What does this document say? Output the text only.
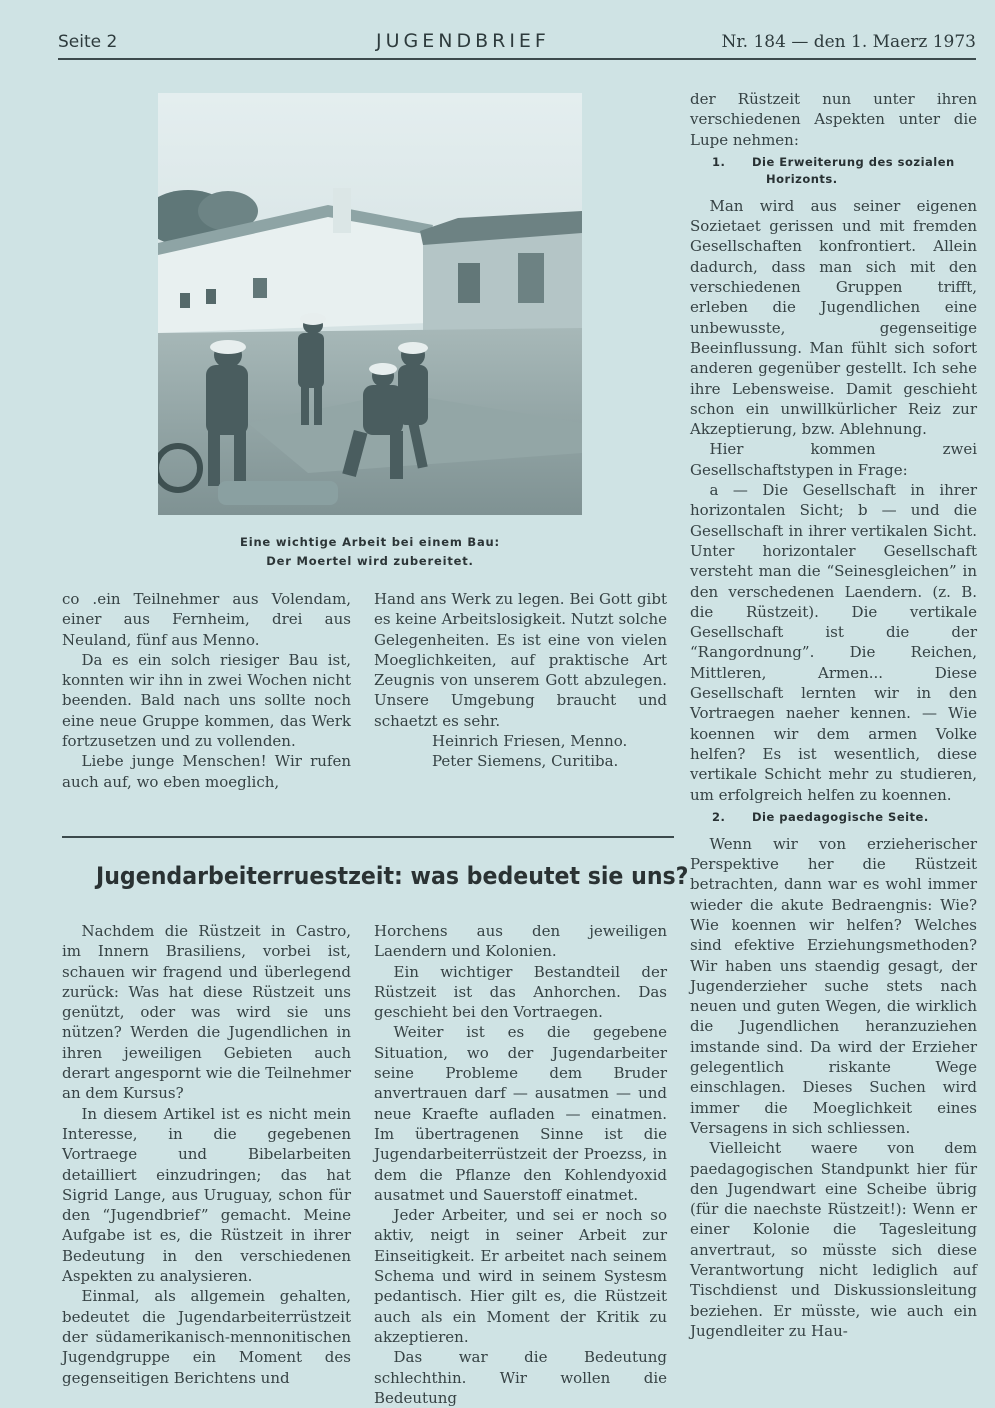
Seite 2	JUGENDBRIEF	Nr. 184 — den 1. Maerz 1973
Eine wichtige Arbeit bei einem Bau:
Der Moertel wird zubereitet.

co .ein Teilnehmer aus Volendam, einer aus Fernheim, drei aus Neuland, fünf aus Menno.

Da es ein solch riesiger Bau ist, konnten wir ihn in zwei Wochen nicht beenden. Bald nach uns sollte noch eine neue Gruppe kommen, das Werk fortzusetzen und zu vollenden.

Liebe junge Menschen! Wir rufen auch auf, wo eben moeglich,

Hand ans Werk zu legen. Bei Gott gibt es keine Arbeitslosigkeit. Nutzt solche Gelegenheiten. Es ist eine von vielen Moeglichkeiten, auf praktische Art Zeugnis von unserem Gott abzulegen. Unsere Umgebung braucht und schaetzt es sehr.

Heinrich Friesen, Menno.

Peter Siemens, Curitiba.

Jugendarbeiterruestzeit: was bedeutet sie uns?

Nachdem die Rüstzeit in Castro, im Innern Brasiliens, vorbei ist, schauen wir fragend und überlegend zurück: Was hat diese Rüstzeit uns genützt, oder was wird sie uns nützen? Werden die Jugendlichen in ihren jeweiligen Gebieten auch derart angespornt wie die Teilnehmer an dem Kursus?

In diesem Artikel ist es nicht mein Interesse, in die gegebenen Vortraege und Bibelarbeiten detailliert einzudringen; das hat Sigrid Lange, aus Uruguay, schon für den “Jugendbrief” gemacht. Meine Aufgabe ist es, die Rüstzeit in ihrer Bedeutung in den verschiedenen Aspekten zu analysieren.

Einmal, als allgemein gehalten, bedeutet die Jugendarbeiterrüstzeit der südamerikanisch-mennonitischen Jugendgruppe ein Moment des gegenseitigen Berichtens und

Horchens aus den jeweiligen Laendern und Kolonien.

Ein wichtiger Bestandteil der Rüstzeit ist das Anhorchen. Das geschieht bei den Vortraegen.

Weiter ist es die gegebene Situation, wo der Jugendarbeiter seine Probleme dem Bruder anvertrauen darf — ausatmen — und neue Kraefte aufladen — einatmen. Im übertragenen Sinne ist die Jugendarbeiterrüstzeit der Proezss, in dem die Pflanze den Kohlendyoxid ausatmet und Sauerstoff einatmet.

Jeder Arbeiter, und sei er noch so aktiv, neigt in seiner Arbeit zur Einseitigkeit. Er arbeitet nach seinem Schema und wird in seinem Systesm pedantisch. Hier gilt es, die Rüstzeit auch als ein Moment der Kritik zu akzeptieren.

Das war die Bedeutung schlechthin. Wir wollen die Bedeutung

der Rüstzeit nun unter ihren verschiedenen Aspekten unter die Lupe nehmen:

1. Die Erweiterung des sozialen
Horizonts.

Man wird aus seiner eigenen Sozietaet gerissen und mit fremden Gesellschaften konfrontiert. Allein dadurch, dass man sich mit den verschiedenen Gruppen trifft, erleben die Jugendlichen eine unbewusste, gegenseitige Beeinflussung. Man fühlt sich sofort anderen gegenüber gestellt. Ich sehe ihre Lebensweise. Damit geschieht schon ein unwillkürlicher Reiz zur Akzeptierung, bzw. Ablehnung.

Hier kommen zwei Gesellschaftstypen in Frage:

a — Die Gesellschaft in ihrer horizontalen Sicht; b — und die Gesellschaft in ihrer vertikalen Sicht. Unter horizontaler Gesellschaft versteht man die “Seinesgleichen” in den verschedenen Laendern. (z. B. die Rüstzeit). Die vertikale Gesellschaft ist die der “Rangordnung”. Die Reichen, Mittleren, Armen... Diese Gesellschaft lernten wir in den Vortraegen naeher kennen. — Wie koennen wir dem armen Volke helfen? Es ist wesentlich, diese vertikale Schicht mehr zu studieren, um erfolgreich helfen zu koennen.

2. Die paedagogische Seite.

Wenn wir von erzieherischer Perspektive her die Rüstzeit betrachten, dann war es wohl immer wieder die akute Bedraengnis: Wie? Wie koennen wir helfen? Welches sind efektive Erziehungsmethoden? Wir haben uns staendig gesagt, der Jugenderzieher suche stets nach neuen und guten Wegen, die wirklich die Jugendlichen heranzuziehen imstande sind. Da wird der Erzieher gelegentlich riskante Wege einschlagen. Dieses Suchen wird immer die Moeglichkeit eines Versagens in sich schliessen.

Vielleicht waere von dem paedagogischen Standpunkt hier für den Jugendwart eine Scheibe übrig (für die naechste Rüstzeit!): Wenn er einer Kolonie die Tagesleitung anvertraut, so müsste sich diese Verantwortung nicht lediglich auf Tischdienst und Diskussionsleitung beziehen. Er müsste, wie auch ein Jugendleiter zu Hau-
